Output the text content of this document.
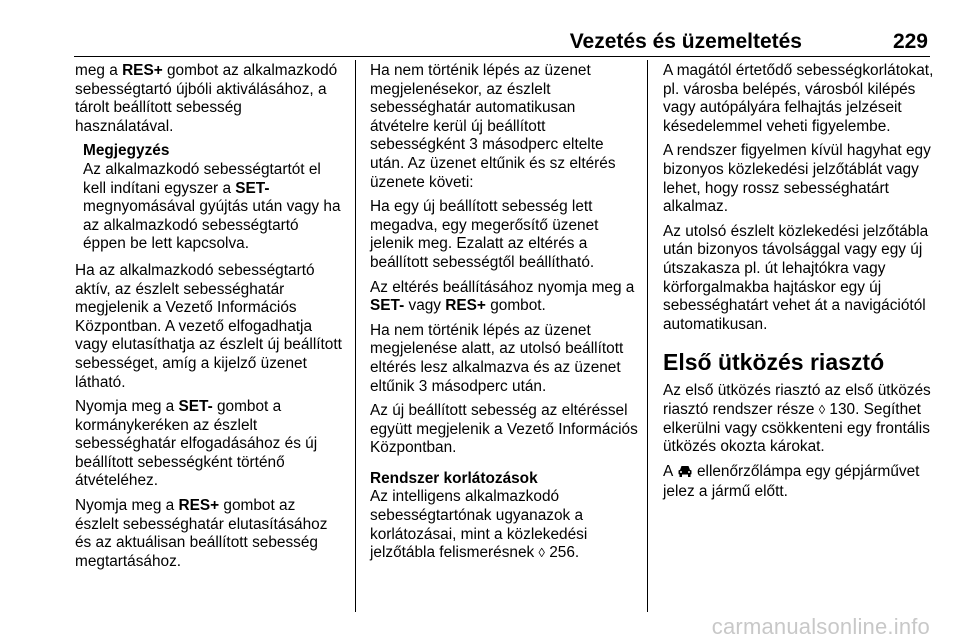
Vezetés és üzemeltetés	229

meg a RES+ gombot az alkalmazkodó sebességtartó újbóli aktiválásához, a tárolt beállított sebesség használatával.

Megjegyzés
Az alkalmazkodó sebességtartót el kell indítani egyszer a SET- megnyomásával gyújtás után vagy ha az alkalmazkodó sebességtartó éppen be lett kapcsolva.

Ha az alkalmazkodó sebességtartó aktív, az észlelt sebességhatár megjelenik a Vezető Információs Központban. A vezető elfogadhatja vagy elutasíthatja az észlelt új beállított sebességet, amíg a kijelző üzenet látható.

Nyomja meg a SET- gombot a kormánykeréken az észlelt sebességhatár elfogadásához és új beállított sebességként történő átvételéhez.

Nyomja meg a RES+ gombot az észlelt sebességhatár elutasításához és az aktuálisan beállított sebesség megtartásához.

Ha nem történik lépés az üzenet megjelenésekor, az észlelt sebességhatár automatikusan átvételre kerül új beállított sebességként 3 másodperc eltelte után. Az üzenet eltűnik és sz eltérés üzenete követi:

Ha egy új beállított sebesség lett megadva, egy megerősítő üzenet jelenik meg. Ezalatt az eltérés a beállított sebességtől beállítható.

Az eltérés beállításához nyomja meg a SET- vagy RES+ gombot.

Ha nem történik lépés az üzenet megjelenése alatt, az utolsó beállított eltérés lesz alkalmazva és az üzenet eltűnik 3 másodperc után.

Az új beállított sebesség az eltéréssel együtt megjelenik a Vezető Információs Központban.

Rendszer korlátozások

Az intelligens alkalmazkodó sebességtartónak ugyanazok a korlátozásai, mint a közlekedési jelzőtábla felismerésnek ◊ 256.

A magától értetődő sebességkorlátokat, pl. városba belépés, városból kilépés vagy autópályára felhajtás jelzéseit késedelemmel veheti figyelembe.

A rendszer figyelmen kívül hagyhat egy bizonyos közlekedési jelzőtáblát vagy lehet, hogy rossz sebességhatárt alkalmaz.

Az utolsó észlelt közlekedési jelzőtábla után bizonyos távolsággal vagy egy új útszakasza pl. út lehajtókra vagy körforgalmakba hajtáskor egy új sebességhatárt vehet át a navigációtól automatikusan.

Első ütközés riasztó

Az első ütközés riasztó az első ütközés riasztó rendszer része ◊ 130. Segíthet elkerülni vagy csökkenteni egy frontális ütközés okozta károkat.

A  ellenőrzőlámpa egy gépjárművet jelez a jármű előtt.

carmanualsonline.info
